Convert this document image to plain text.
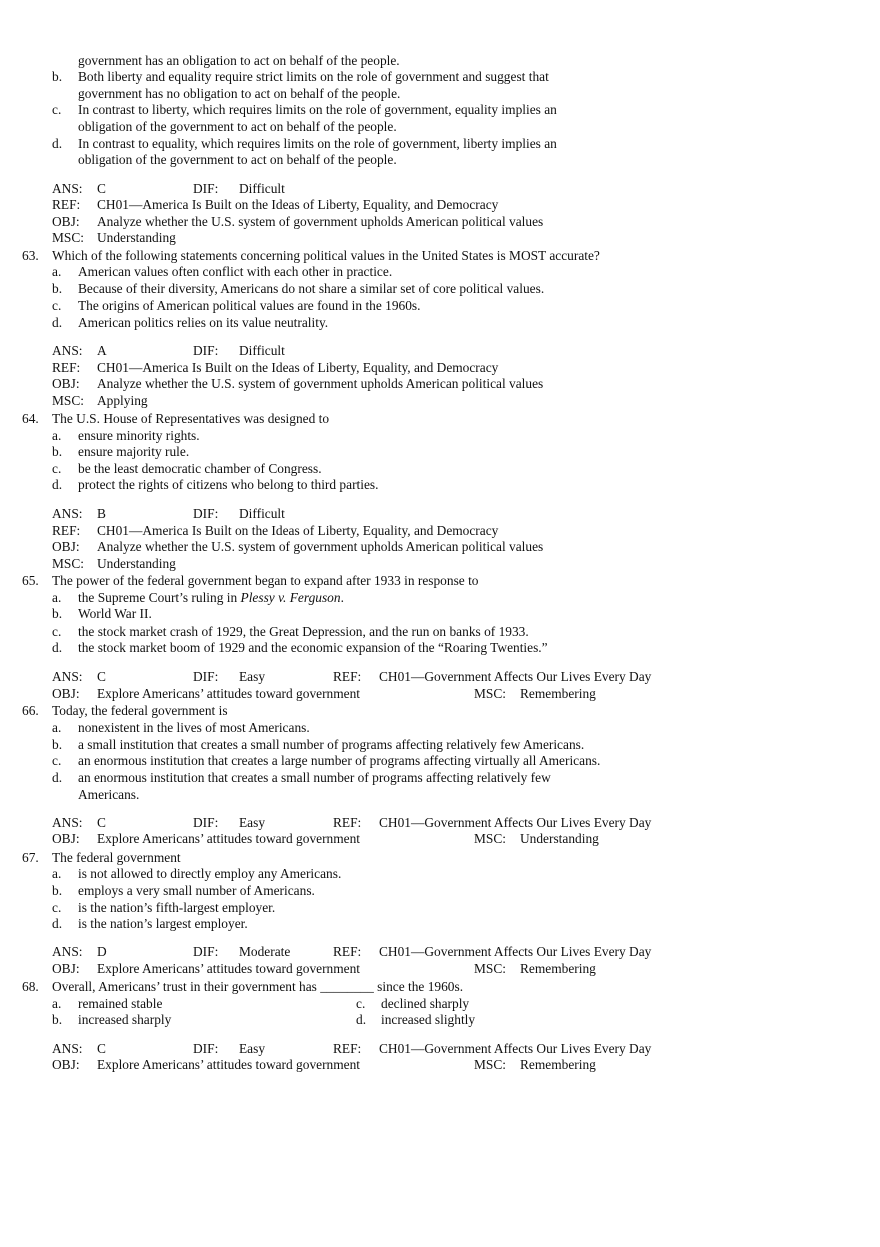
government has an obligation to act on behalf of the people.
b. Both liberty and equality require strict limits on the role of government and suggest that
government has no obligation to act on behalf of the people.
c. In contrast to liberty, which requires limits on the role of government, equality implies an
obligation of the government to act on behalf of the people.
d. In contrast to equality, which requires limits on the role of government, liberty implies an
obligation of the government to act on behalf of the people.
ANS: C	DIF: Difficult
REF: CH01—America Is Built on the Ideas of Liberty, Equality, and Democracy
OBJ: Analyze whether the U.S. system of government upholds American political values
MSC: Understanding
63. Which of the following statements concerning political values in the United States is MOST accurate?
a. American values often conflict with each other in practice.
b. Because of their diversity, Americans do not share a similar set of core political values.
c. The origins of American political values are found in the 1960s.
d. American politics relies on its value neutrality.
ANS: A	DIF: Difficult
REF: CH01—America Is Built on the Ideas of Liberty, Equality, and Democracy
OBJ: Analyze whether the U.S. system of government upholds American political values
MSC: Applying
64. The U.S. House of Representatives was designed to
a. ensure minority rights.
b. ensure majority rule.
c. be the least democratic chamber of Congress.
d. protect the rights of citizens who belong to third parties.
ANS: B	DIF: Difficult
REF: CH01—America Is Built on the Ideas of Liberty, Equality, and Democracy
OBJ: Analyze whether the U.S. system of government upholds American political values
MSC: Understanding
65. The power of the federal government began to expand after 1933 in response to
a. the Supreme Court’s ruling in Plessy v. Ferguson.
b. World War II.
c. the stock market crash of 1929, the Great Depression, and the run on banks of 1933.
d. the stock market boom of 1929 and the economic expansion of the “Roaring Twenties.”
ANS: C	DIF: Easy	REF: CH01—Government Affects Our Lives Every Day
OBJ: Explore Americans’ attitudes toward government	MSC: Remembering
66. Today, the federal government is
a. nonexistent in the lives of most Americans.
b. a small institution that creates a small number of programs affecting relatively few Americans.
c. an enormous institution that creates a large number of programs affecting virtually all Americans.
d. an enormous institution that creates a small number of programs affecting relatively few
Americans.
ANS: C	DIF: Easy	REF: CH01—Government Affects Our Lives Every Day
OBJ: Explore Americans’ attitudes toward government	MSC: Understanding
67. The federal government
a. is not allowed to directly employ any Americans.
b. employs a very small number of Americans.
c. is the nation’s fifth-largest employer.
d. is the nation’s largest employer.
ANS: D	DIF: Moderate	REF: CH01—Government Affects Our Lives Every Day
OBJ: Explore Americans’ attitudes toward government	MSC: Remembering
68. Overall, Americans’ trust in their government has ________ since the 1960s.
a. remained stable	c. declined sharply
b. increased sharply	d. increased slightly
ANS: C	DIF: Easy	REF: CH01—Government Affects Our Lives Every Day
OBJ: Explore Americans’ attitudes toward government	MSC: Remembering
